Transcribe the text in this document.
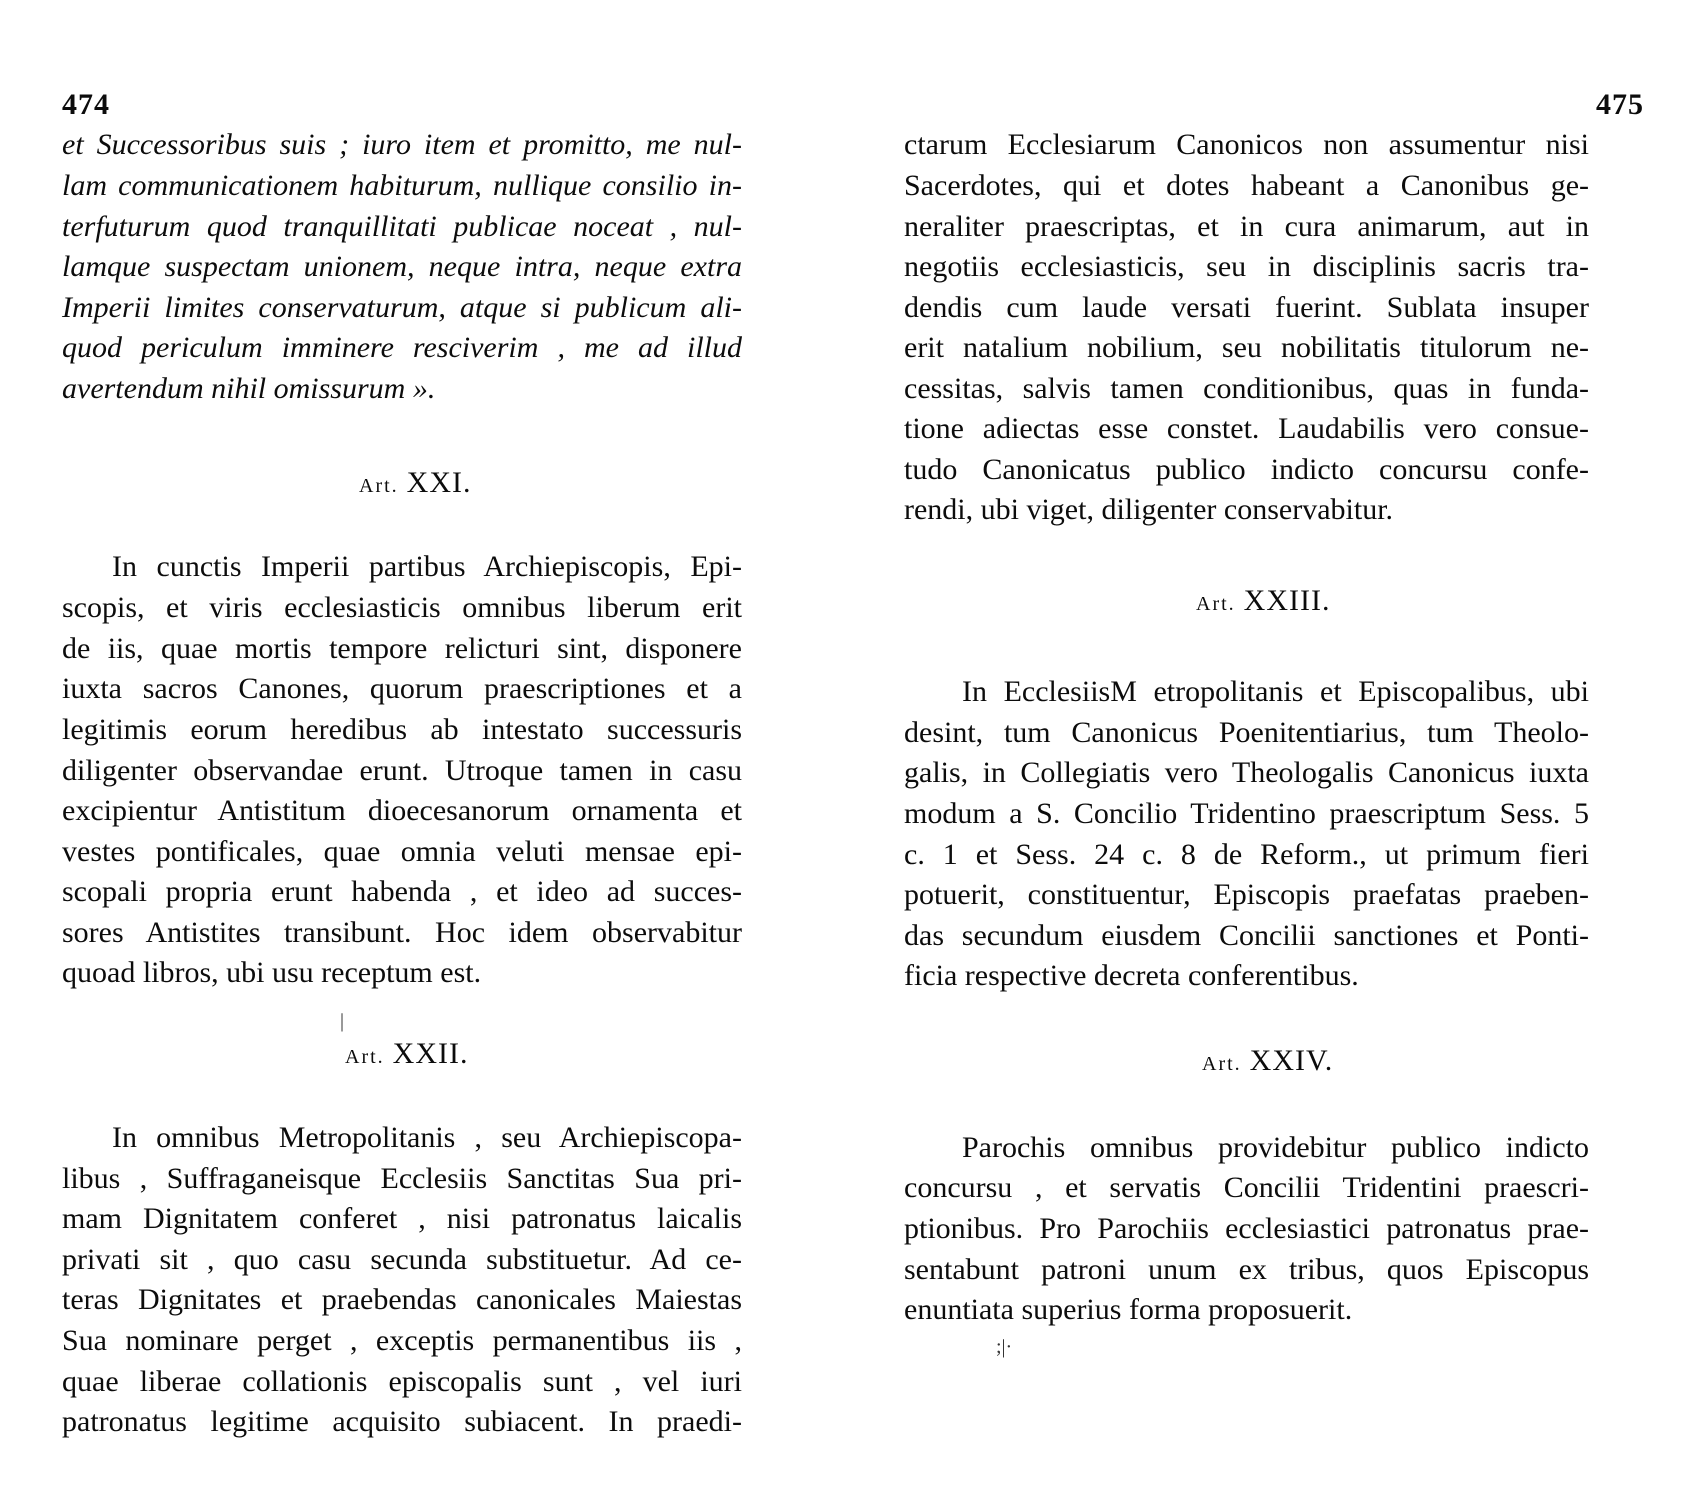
474
et Successoribus suis ; iuro item et promitto, me nul-
lam communicationem habiturum, nullique consilio in-
terfuturum quod tranquillitati publicae noceat , nul-
lamque suspectam unionem, neque intra, neque extra
Imperii limites conservaturum, atque si publicum ali-
quod periculum imminere resciverim , me ad illud
avertendum nihil omissurum ».
Art. XXI.
In cunctis Imperii partibus Archiepiscopis, Epi-
scopis, et viris ecclesiasticis omnibus liberum erit
de iis, quae mortis tempore relicturi sint, disponere
iuxta sacros Canones, quorum praescriptiones et a
legitimis eorum heredibus ab intestato successuris
diligenter observandae erunt. Utroque tamen in casu
excipientur Antistitum dioecesanorum ornamenta et
vestes pontificales, quae omnia veluti mensae epi-
scopali propria erunt habenda , et ideo ad succes-
sores Antistites transibunt. Hoc idem observabitur
quoad libros, ubi usu receptum est.
|
Art. XXII.
In omnibus Metropolitanis , seu Archiepiscopa-
libus , Suffraganeisque Ecclesiis Sanctitas Sua pri-
mam Dignitatem conferet , nisi patronatus laicalis
privati sit , quo casu secunda substituetur. Ad ce-
teras Dignitates et praebendas canonicales Maiestas
Sua nominare perget , exceptis permanentibus iis ,
quae liberae collationis episcopalis sunt , vel iuri
patronatus legitime acquisito subiacent. In praedi-
475
ctarum Ecclesiarum Canonicos non assumentur nisi
Sacerdotes, qui et dotes habeant a Canonibus ge-
neraliter praescriptas, et in cura animarum, aut in
negotiis ecclesiasticis, seu in disciplinis sacris tra-
dendis cum laude versati fuerint. Sublata insuper
erit natalium nobilium, seu nobilitatis titulorum ne-
cessitas, salvis tamen conditionibus, quas in funda-
tione adiectas esse constet. Laudabilis vero consue-
tudo Canonicatus publico indicto concursu confe-
rendi, ubi viget, diligenter conservabitur.
Art. XXIII.
In EcclesiisM etropolitanis et Episcopalibus, ubi
desint, tum Canonicus Poenitentiarius, tum Theolo-
galis, in Collegiatis vero Theologalis Canonicus iuxta
modum a S. Concilio Tridentino praescriptum Sess. 5
c. 1 et Sess. 24 c. 8 de Reform., ut primum fieri
potuerit, constituentur, Episcopis praefatas praeben-
das secundum eiusdem Concilii sanctiones et Ponti-
ficia respective decreta conferentibus.
Art. XXIV.
Parochis omnibus providebitur publico indicto
concursu , et servatis Concilii Tridentini praescri-
ptionibus. Pro Parochiis ecclesiastici patronatus prae-
sentabunt patroni unum ex tribus, quos Episcopus
enuntiata superius forma proposuerit.
;|·
